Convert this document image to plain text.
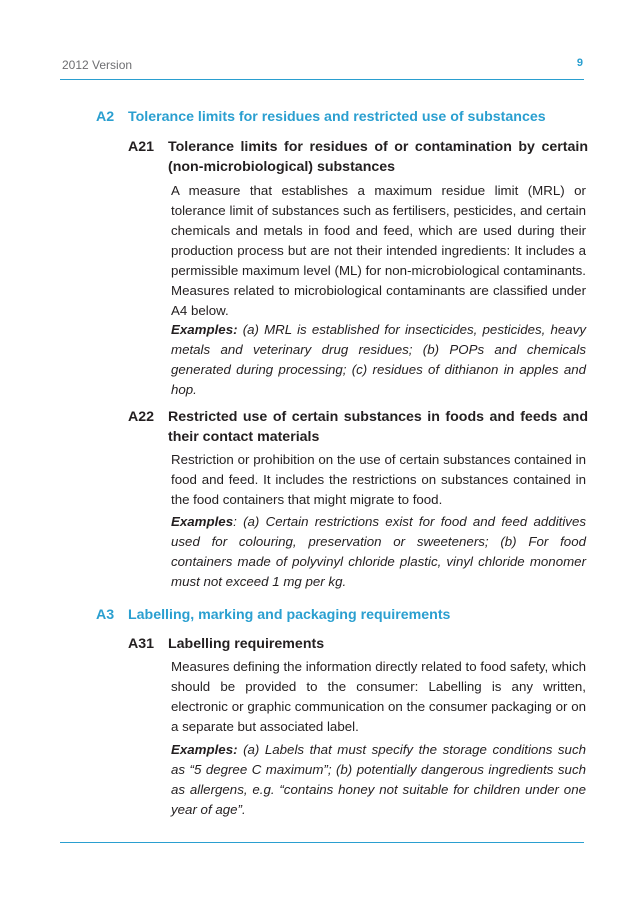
2012 Version	9
A2 Tolerance limits for residues and restricted use of substances
A21 Tolerance limits for residues of or contamination by certain (non-microbiological) substances

A measure that establishes a maximum residue limit (MRL) or tolerance limit of substances such as fertilisers, pesticides, and certain chemicals and metals in food and feed, which are used during their production process but are not their intended ingredients: It includes a permissible maximum level (ML) for non-microbiological contaminants. Measures related to microbiological contaminants are classified under A4 below.

Examples: (a) MRL is established for insecticides, pesticides, heavy metals and veterinary drug residues; (b) POPs and chemicals generated during processing; (c) residues of dithianon in apples and hop.

A22 Restricted use of certain substances in foods and feeds and their contact materials

Restriction or prohibition on the use of certain substances contained in food and feed. It includes the restrictions on substances contained in the food containers that might migrate to food.

Examples: (a) Certain restrictions exist for food and feed additives used for colouring, preservation or sweeteners; (b) For food containers made of polyvinyl chloride plastic, vinyl chloride monomer must not exceed 1 mg per kg.

A3 Labelling, marking and packaging requirements
A31 Labelling requirements

Measures defining the information directly related to food safety, which should be provided to the consumer: Labelling is any written, electronic or graphic communication on the consumer packaging or on a separate but associated label.

Examples: (a) Labels that must specify the storage conditions such as “5 degree C maximum”; (b) potentially dangerous ingredients such as allergens, e.g. “contains honey not suitable for children under one year of age”.
